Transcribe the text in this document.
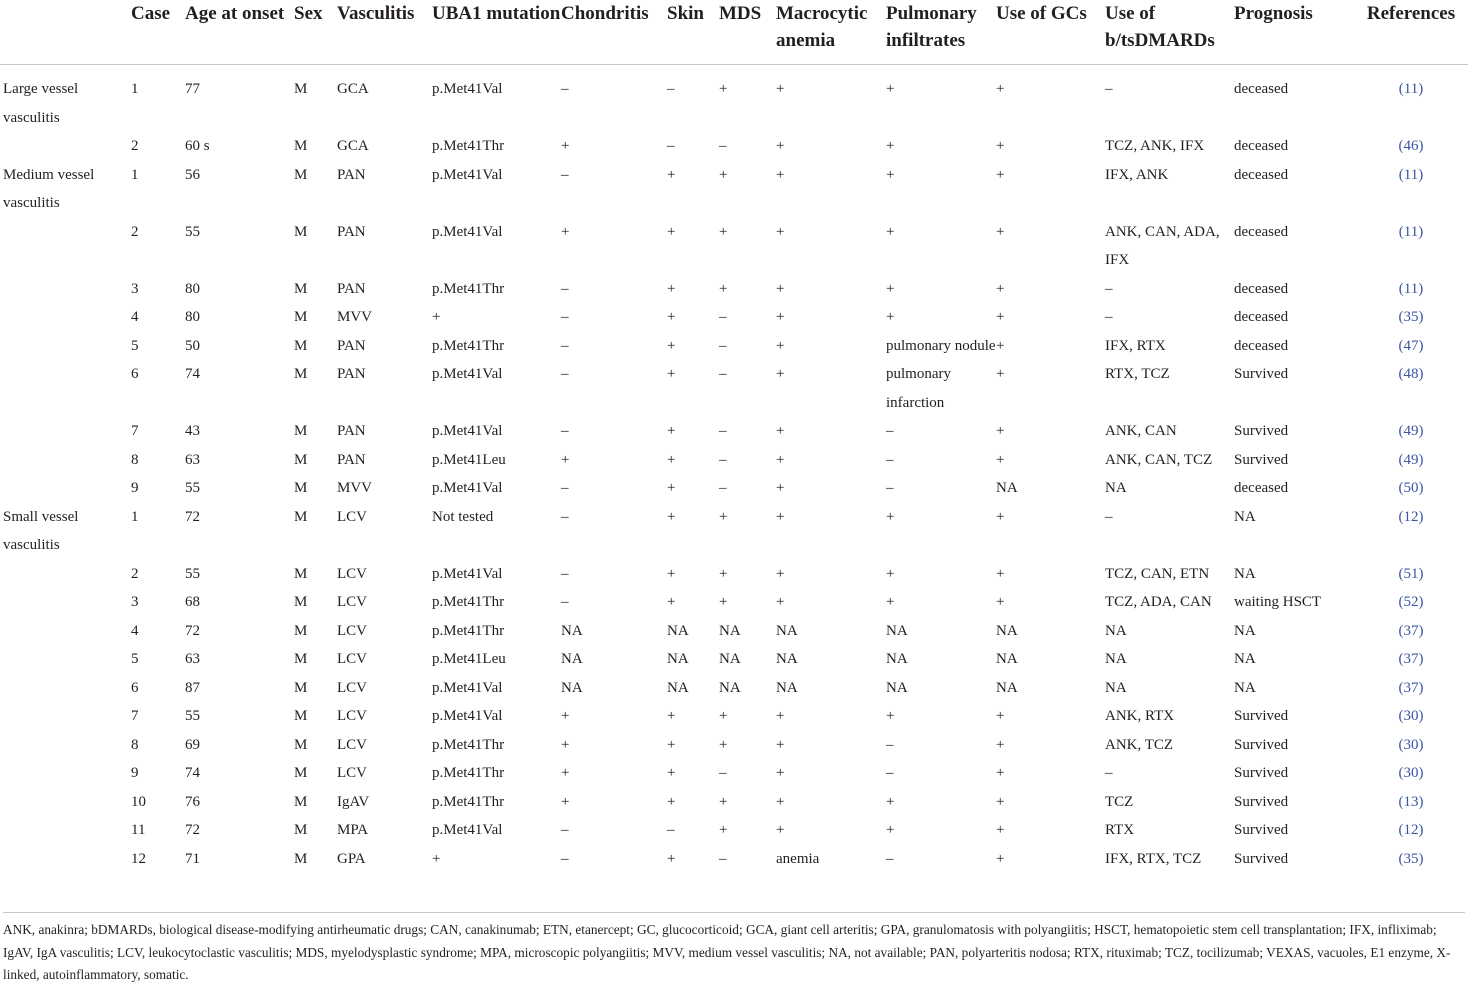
	Case	Age at onset	Sex	Vasculitis	UBA1 mutation	Chondritis	Skin	MDS	Macrocytic anemia	Pulmonary infiltrates	Use of GCs	Use of b/tsDMARDs	Prognosis	References
Large vessel vasculitis	1	77	M	GCA	p.Met41Val	–	–	+	+	+	+	–	deceased	(11)
	2	60 s	M	GCA	p.Met41Thr	+	–	–	+	+	+	TCZ, ANK, IFX	deceased	(46)
Medium vessel vasculitis	1	56	M	PAN	p.Met41Val	–	+	+	+	+	+	IFX, ANK	deceased	(11)
	2	55	M	PAN	p.Met41Val	+	+	+	+	+	+	ANK, CAN, ADA, IFX	deceased	(11)
	3	80	M	PAN	p.Met41Thr	–	+	+	+	+	+	–	deceased	(11)
	4	80	M	MVV	+	–	+	–	+	+	+	–	deceased	(35)
	5	50	M	PAN	p.Met41Thr	–	+	–	+	pulmonary nodule	+	IFX, RTX	deceased	(47)
	6	74	M	PAN	p.Met41Val	–	+	–	+	pulmonary infarction	+	RTX, TCZ	Survived	(48)
	7	43	M	PAN	p.Met41Val	–	+	–	+	–	+	ANK, CAN	Survived	(49)
	8	63	M	PAN	p.Met41Leu	+	+	–	+	–	+	ANK, CAN, TCZ	Survived	(49)
	9	55	M	MVV	p.Met41Val	–	+	–	+	–	NA	NA	deceased	(50)
Small vessel vasculitis	1	72	M	LCV	Not tested	–	+	+	+	+	+	–	NA	(12)
	2	55	M	LCV	p.Met41Val	–	+	+	+	+	+	TCZ, CAN, ETN	NA	(51)
	3	68	M	LCV	p.Met41Thr	–	+	+	+	+	+	TCZ, ADA, CAN	waiting HSCT	(52)
	4	72	M	LCV	p.Met41Thr	NA	NA	NA	NA	NA	NA	NA	NA	(37)
	5	63	M	LCV	p.Met41Leu	NA	NA	NA	NA	NA	NA	NA	NA	(37)
	6	87	M	LCV	p.Met41Val	NA	NA	NA	NA	NA	NA	NA	NA	(37)
	7	55	M	LCV	p.Met41Val	+	+	+	+	+	+	ANK, RTX	Survived	(30)
	8	69	M	LCV	p.Met41Thr	+	+	+	+	–	+	ANK, TCZ	Survived	(30)
	9	74	M	LCV	p.Met41Thr	+	+	–	+	–	+	–	Survived	(30)
	10	76	M	IgAV	p.Met41Thr	+	+	+	+	+	+	TCZ	Survived	(13)
	11	72	M	MPA	p.Met41Val	–	–	+	+	+	+	RTX	Survived	(12)
	12	71	M	GPA	+	–	+	–	anemia	–	+	IFX, RTX, TCZ	Survived	(35)
ANK, anakinra; bDMARDs, biological disease-modifying antirheumatic drugs; CAN, canakinumab; ETN, etanercept; GC, glucocorticoid; GCA, giant cell arteritis; GPA, granulomatosis with polyangiitis; HSCT, hematopoietic stem cell transplantation; IFX, infliximab; IgAV, IgA vasculitis; LCV, leukocytoclastic vasculitis; MDS, myelodysplastic syndrome; MPA, microscopic polyangiitis; MVV, medium vessel vasculitis; NA, not available; PAN, polyarteritis nodosa; RTX, rituximab; TCZ, tocilizumab; VEXAS, vacuoles, E1 enzyme, X-linked, autoinflammatory, somatic.
